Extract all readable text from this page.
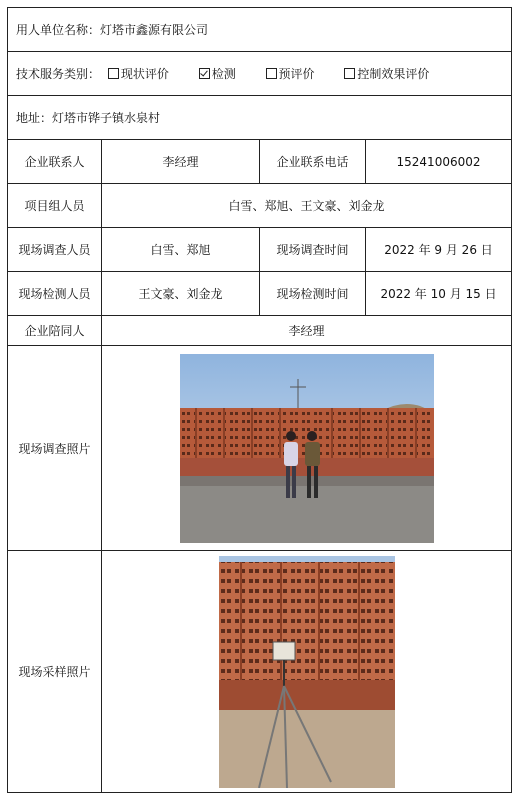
用人单位名称：灯塔市鑫源有限公司			
技术服务类别： 现状评价 检测 预评价 控制效果评价			
地址：灯塔市铧子镇水泉村			
企业联系人	李经理	企业联系电话	15241006002
项目组人员	白雪、郑旭、王文豪、刘金龙		
现场调查人员	白雪、郑旭	现场调查时间	2022 年 9 月 26 日
现场检测人员	王文豪、刘金龙	现场检测时间	2022 年 10 月 15 日
企业陪同人	李经理		
现场调查照片	

现场采样照片	
